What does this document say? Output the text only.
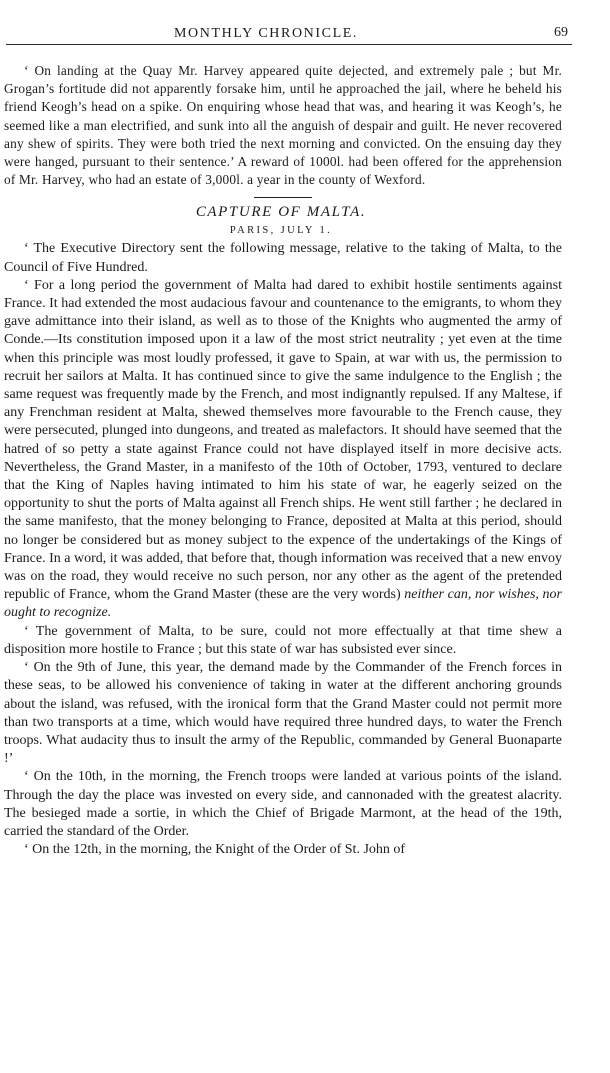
MONTHLY CHRONICLE.	69

‘ On landing at the Quay Mr. Harvey appeared quite dejected, and extremely pale ; but Mr. Grogan’s fortitude did not apparently forsake him, until he approached the jail, where he beheld his friend Keogh’s head on a spike. On enquiring whose head that was, and hearing it was Keogh’s, he seemed like a man electrified, and sunk into all the anguish of despair and guilt. He never recovered any shew of spirits. They were both tried the next morning and convicted. On the ensuing day they were hanged, pursuant to their sentence.’ A reward of 1000l. had been offered for the apprehension of Mr. Harvey, who had an estate of 3,000l. a year in the county of Wexford.

CAPTURE OF MALTA.
PARIS, JULY 1.

‘ The Executive Directory sent the following message, relative to the taking of Malta, to the Council of Five Hundred.

‘ For a long period the government of Malta had dared to exhibit hostile sentiments against France. It had extended the most audacious favour and countenance to the emigrants, to whom they gave admittance into their island, as well as to those of the Knights who augmented the army of Conde.—Its constitution imposed upon it a law of the most strict neutrality ; yet even at the time when this principle was most loudly professed, it gave to Spain, at war with us, the permission to recruit her sailors at Malta. It has continued since to give the same indulgence to the English ; the same request was frequently made by the French, and most indignantly repulsed. If any Maltese, if any Frenchman resident at Malta, shewed themselves more favourable to the French cause, they were persecuted, plunged into dungeons, and treated as malefactors. It should have seemed that the hatred of so petty a state against France could not have displayed itself in more decisive acts. Nevertheless, the Grand Master, in a manifesto of the 10th of October, 1793, ventured to declare that the King of Naples having intimated to him his state of war, he eagerly seized on the opportunity to shut the ports of Malta against all French ships. He went still farther ; he declared in the same manifesto, that the money belonging to France, deposited at Malta at this period, should no longer be considered but as money subject to the expence of the undertakings of the Kings of France. In a word, it was added, that before that, though information was received that a new envoy was on the road, they would receive no such person, nor any other as the agent of the pretended republic of France, whom the Grand Master (these are the very words) neither can, nor wishes, nor ought to recognize.

‘ The government of Malta, to be sure, could not more effectually at that time shew a disposition more hostile to France ; but this state of war has subsisted ever since.

‘ On the 9th of June, this year, the demand made by the Commander of the French forces in these seas, to be allowed his convenience of taking in water at the different anchoring grounds about the island, was refused, with the ironical form that the Grand Master could not permit more than two transports at a time, which would have required three hundred days, to water the French troops. What audacity thus to insult the army of the Republic, commanded by General Buonaparte !’

‘ On the 10th, in the morning, the French troops were landed at various points of the island. Through the day the place was invested on every side, and cannonaded with the greatest alacrity. The besieged made a sortie, in which the Chief of Brigade Marmont, at the head of the 19th, carried the standard of the Order.

‘ On the 12th, in the morning, the Knight of the Order of St. John of
